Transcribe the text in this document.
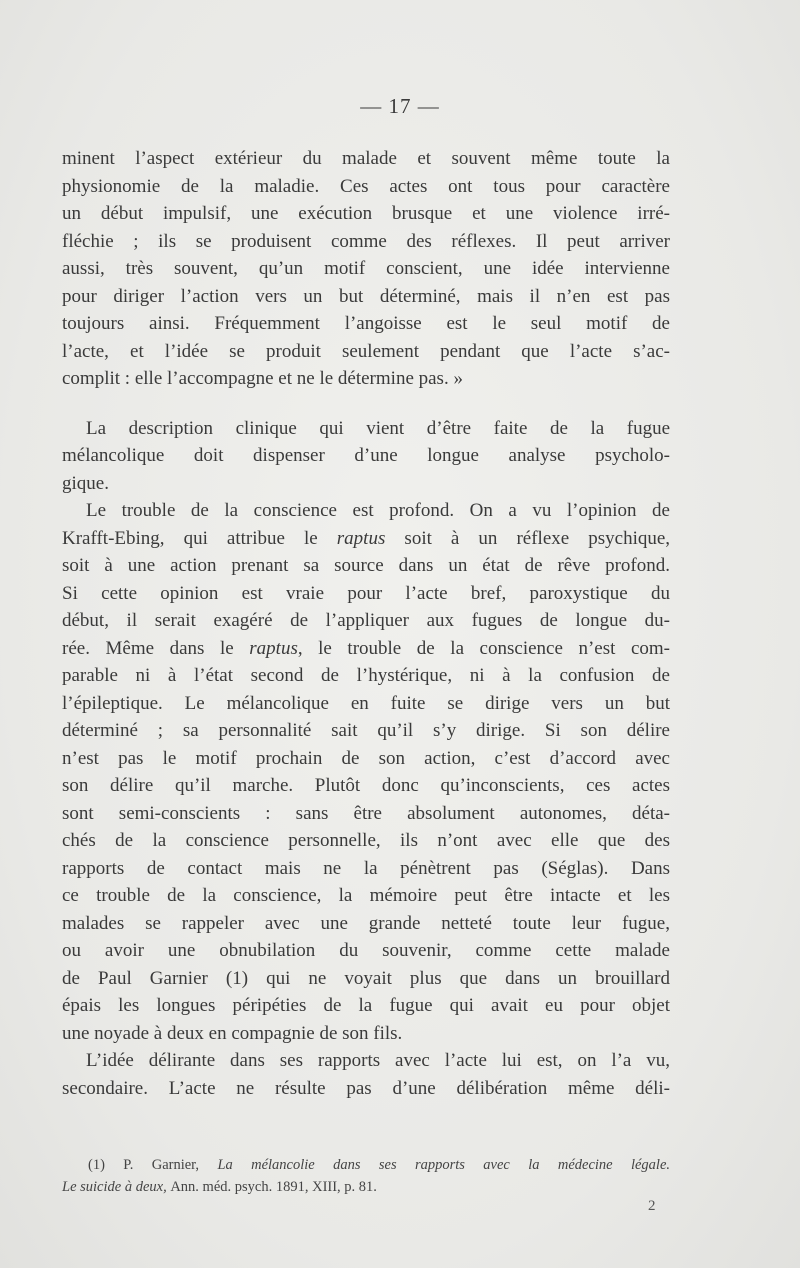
— 17 —
minent l’aspect extérieur du malade et souvent même toute la
physionomie de la maladie. Ces actes ont tous pour caractère
un début impulsif, une exécution brusque et une violence irré-
fléchie ; ils se produisent comme des réflexes. Il peut arriver
aussi, très souvent, qu’un motif conscient, une idée intervienne
pour diriger l’action vers un but déterminé, mais il n’en est pas
toujours ainsi. Fréquemment l’angoisse est le seul motif de
l’acte, et l’idée se produit seulement pendant que l’acte s’ac-
complit : elle l’accompagne et ne le détermine pas. »
La description clinique qui vient d’être faite de la fugue
mélancolique doit dispenser d’une longue analyse psycholo-
gique.
Le trouble de la conscience est profond. On a vu l’opinion de
Krafft-Ebing, qui attribue le raptus soit à un réflexe psychique,
soit à une action prenant sa source dans un état de rêve profond.
Si cette opinion est vraie pour l’acte bref, paroxystique du
début, il serait exagéré de l’appliquer aux fugues de longue du-
rée. Même dans le raptus, le trouble de la conscience n’est com-
parable ni à l’état second de l’hystérique, ni à la confusion de
l’épileptique. Le mélancolique en fuite se dirige vers un but
déterminé ; sa personnalité sait qu’il s’y dirige. Si son délire
n’est pas le motif prochain de son action, c’est d’accord avec
son délire qu’il marche. Plutôt donc qu’inconscients, ces actes
sont semi-conscients : sans être absolument autonomes, déta-
chés de la conscience personnelle, ils n’ont avec elle que des
rapports de contact mais ne la pénètrent pas (Séglas). Dans
ce trouble de la conscience, la mémoire peut être intacte et les
malades se rappeler avec une grande netteté toute leur fugue,
ou avoir une obnubilation du souvenir, comme cette malade
de Paul Garnier (1) qui ne voyait plus que dans un brouillard
épais les longues péripéties de la fugue qui avait eu pour objet
une noyade à deux en compagnie de son fils.
L’idée délirante dans ses rapports avec l’acte lui est, on l’a vu,
secondaire. L’acte ne résulte pas d’une délibération même déli-
(1) P. Garnier, La mélancolie dans ses rapports avec la médecine légale.
Le suicide à deux, Ann. méd. psych. 1891, XIII, p. 81.
2
